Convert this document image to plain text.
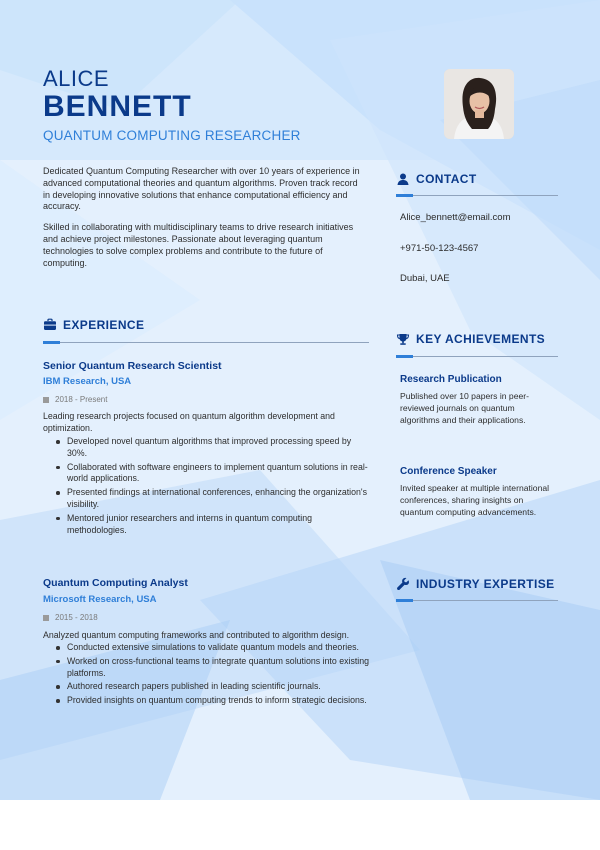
ALICE
BENNETT
QUANTUM COMPUTING RESEARCHER

Dedicated Quantum Computing Researcher with over 10 years of experience in advanced computational theories and quantum algorithms. Proven track record in developing innovative solutions that enhance computational efficiency and accuracy.

Skilled in collaborating with multidisciplinary teams to drive research initiatives and achieve project milestones. Passionate about leveraging quantum technologies to solve complex problems and contribute to the future of computing.

CONTACT
Alice_bennett@email.com
+971-50-123-4567
Dubai, UAE
KEY ACHIEVEMENTS
Research Publication
Published over 10 papers in peer-reviewed journals on quantum algorithms and their applications.
Conference Speaker
Invited speaker at multiple international conferences, sharing insights on quantum computing advancements.
INDUSTRY EXPERTISE
EXPERIENCE
Senior Quantum Research Scientist
IBM Research, USA
2018 - Present
Leading research projects focused on quantum algorithm development and optimization.
Developed novel quantum algorithms that improved processing speed by 30%.
Collaborated with software engineers to implement quantum solutions in real-world applications.
Presented findings at international conferences, enhancing the organization's visibility.
Mentored junior researchers and interns in quantum computing methodologies.
Quantum Computing Analyst
Microsoft Research, USA
2015 - 2018
Analyzed quantum computing frameworks and contributed to algorithm design.
Conducted extensive simulations to validate quantum models and theories.
Worked on cross-functional teams to integrate quantum solutions into existing platforms.
Authored research papers published in leading scientific journals.
Provided insights on quantum computing trends to inform strategic decisions.
